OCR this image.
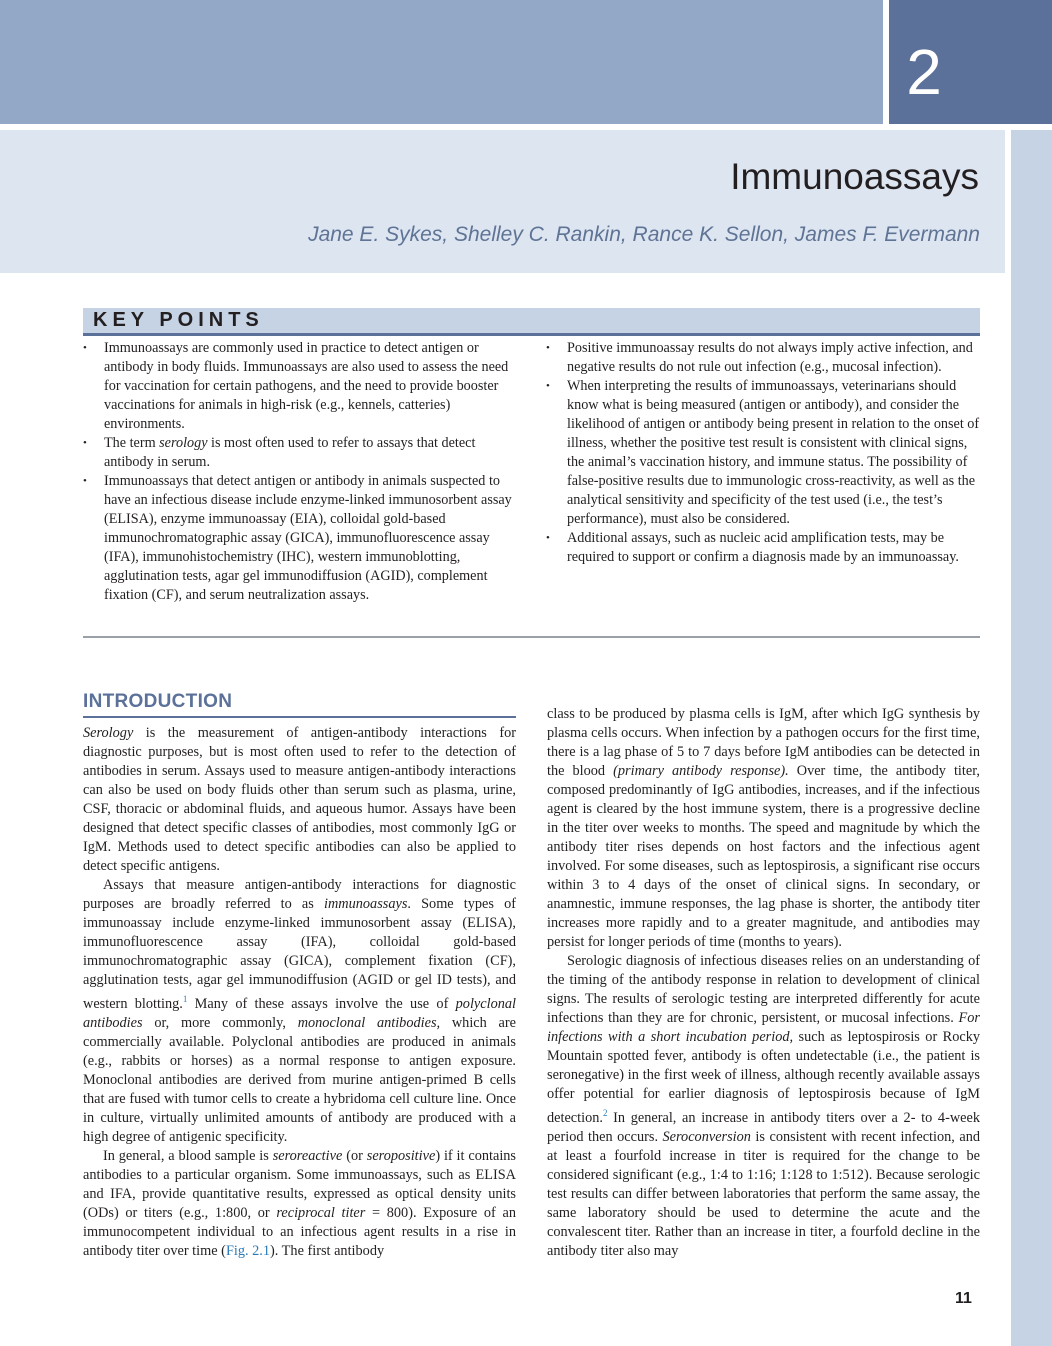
2
Immunoassays
Jane E. Sykes, Shelley C. Rankin, Rance K. Sellon, James F. Evermann
KEY POINTS
• Immunoassays are commonly used in practice to detect antigen or antibody in body fluids. Immunoassays are also used to assess the need for vaccination for certain pathogens, and the need to provide booster vaccinations for animals in high-risk (e.g., kennels, catteries) environments.
• The term serology is most often used to refer to assays that detect antibody in serum.
• Immunoassays that detect antigen or antibody in animals suspected to have an infectious disease include enzyme-linked immunosorbent assay (ELISA), enzyme immunoassay (EIA), colloidal gold-based immunochromatographic assay (GICA), immunofluorescence assay (IFA), immunohistochemistry (IHC), western immunoblotting, agglutination tests, agar gel immunodiffusion (AGID), complement fixation (CF), and serum neutralization assays.
• Positive immunoassay results do not always imply active infection, and negative results do not rule out infection (e.g., mucosal infection).
• When interpreting the results of immunoassays, veterinarians should know what is being measured (antigen or antibody), and consider the likelihood of antigen or antibody being present in relation to the onset of illness, whether the positive test result is consistent with clinical signs, the animal’s vaccination history, and immune status. The possibility of false-positive results due to immunologic cross-reactivity, as well as the analytical sensitivity and specificity of the test used (i.e., the test’s performance), must also be considered.
• Additional assays, such as nucleic acid amplification tests, may be required to support or confirm a diagnosis made by an immunoassay.
INTRODUCTION

Serology is the measurement of antigen-antibody interactions for diagnostic purposes, but is most often used to refer to the detection of antibodies in serum. Assays used to measure antigen-antibody interactions can also be used on body fluids other than serum such as plasma, urine, CSF, thoracic or abdominal fluids, and aqueous humor. Assays have been designed that detect specific classes of antibodies, most commonly IgG or IgM. Methods used to detect specific antibodies can also be applied to detect specific antigens.

Assays that measure antigen-antibody interactions for diagnostic purposes are broadly referred to as immunoassays. Some types of immunoassay include enzyme-linked immunosorbent assay (ELISA), immunofluorescence assay (IFA), colloidal gold-based immunochromatographic assay (GICA), complement fixation (CF), agglutination tests, agar gel immunodiffusion (AGID or gel ID tests), and western blotting.$^1$ Many of these assays involve the use of polyclonal antibodies or, more commonly, monoclonal antibodies, which are commercially available. Polyclonal antibodies are produced in animals (e.g., rabbits or horses) as a normal response to antigen exposure. Monoclonal antibodies are derived from murine antigen-primed B cells that are fused with tumor cells to create a hybridoma cell culture line. Once in culture, virtually unlimited amounts of antibody are produced with a high degree of antigenic specificity.

In general, a blood sample is seroreactive (or seropositive) if it contains antibodies to a particular organism. Some immunoassays, such as ELISA and IFA, provide quantitative results, expressed as optical density units (ODs) or titers (e.g., 1:800, or reciprocal titer = 800). Exposure of an immunocompetent individual to an infectious agent results in a rise in antibody titer over time (Fig. 2.1). The first antibody

class to be produced by plasma cells is IgM, after which IgG synthesis by plasma cells occurs. When infection by a pathogen occurs for the first time, there is a lag phase of 5 to 7 days before IgM antibodies can be detected in the blood (primary antibody response). Over time, the antibody titer, composed predominantly of IgG antibodies, increases, and if the infectious agent is cleared by the host immune system, there is a progressive decline in the titer over weeks to months. The speed and magnitude by which the antibody titer rises depends on host factors and the infectious agent involved. For some diseases, such as leptospirosis, a significant rise occurs within 3 to 4 days of the onset of clinical signs. In secondary, or anamnestic, immune responses, the lag phase is shorter, the antibody titer increases more rapidly and to a greater magnitude, and antibodies may persist for longer periods of time (months to years).

Serologic diagnosis of infectious diseases relies on an understanding of the timing of the antibody response in relation to development of clinical signs. The results of serologic testing are interpreted differently for acute infections than they are for chronic, persistent, or mucosal infections. For infections with a short incubation period, such as leptospirosis or Rocky Mountain spotted fever, antibody is often undetectable (i.e., the patient is seronegative) in the first week of illness, although recently available assays offer potential for earlier diagnosis of leptospirosis because of IgM detection.$^2$ In general, an increase in antibody titers over a 2- to 4-week period then occurs. Seroconversion is consistent with recent infection, and at least a fourfold increase in titer is required for the change to be considered significant (e.g., 1:4 to 1:16; 1:128 to 1:512). Because serologic test results can differ between laboratories that perform the same assay, the same laboratory should be used to determine the acute and the convalescent titer. Rather than an increase in titer, a fourfold decline in the antibody titer also may

11
